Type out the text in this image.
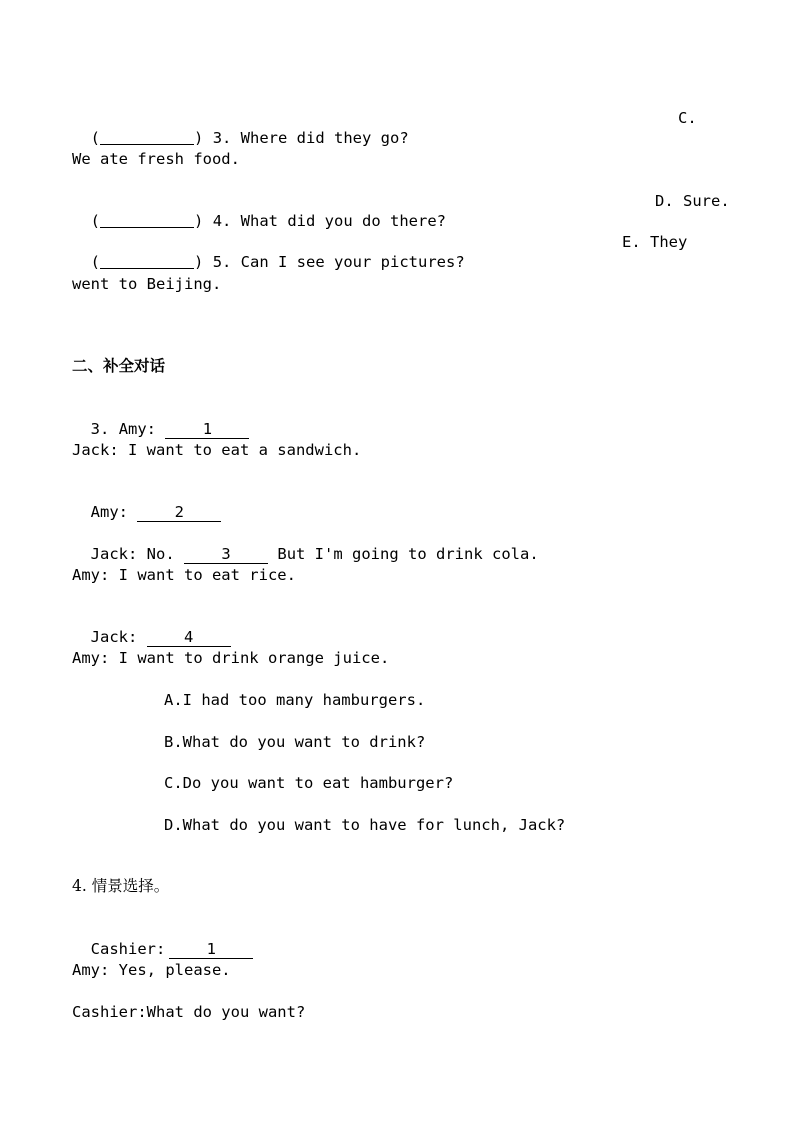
(	) 3. Where did they go?

C.
We ate fresh food.

(	) 4. What did you do there?

D. Sure.

(	) 5. Can I see your pictures?

E. They
went to Beijing.
二、补全对话

3. Amy:	1

Jack: I want to eat a sandwich.

Amy:	2

Jack: No.	3	But I'm going to drink cola.

Amy: I want to eat rice.

Jack:	4

Amy: I want to drink orange juice.
A.I had too many hamburgers.
B.What do you want to drink?
C.Do you want to eat hamburger?
D.What do you want to have for lunch, Jack?
4. 情景选择。

Cashier:	1

Amy: Yes, please.
Cashier:What do you want?
